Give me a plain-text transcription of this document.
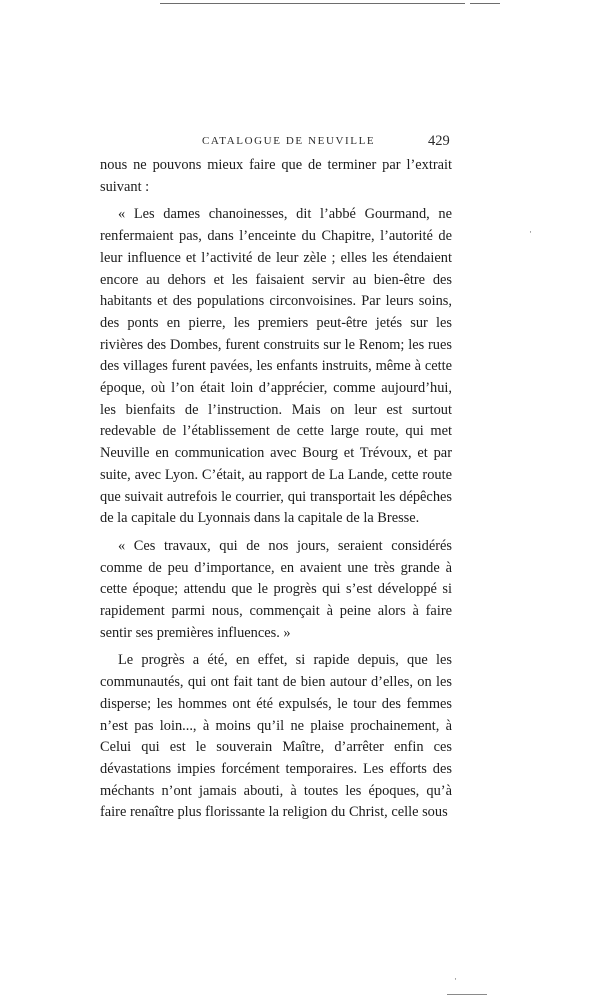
CATALOGUE DE NEUVILLE	429

nous ne pouvons mieux faire que de terminer par l’extrait suivant :

« Les dames chanoinesses, dit l’abbé Gourmand, ne renfermaient pas, dans l’enceinte du Chapitre, l’autorité de leur influence et l’activité de leur zèle ; elles les étendaient encore au dehors et les faisaient servir au bien-être des habitants et des populations circonvoisines. Par leurs soins, des ponts en pierre, les premiers peut-être jetés sur les rivières des Dombes, furent construits sur le Renom; les rues des villages furent pavées, les enfants instruits, même à cette époque, où l’on était loin d’apprécier, comme aujourd’hui, les bienfaits de l’instruction. Mais on leur est surtout redevable de l’établissement de cette large route, qui met Neuville en communication avec Bourg et Trévoux, et par suite, avec Lyon. C’était, au rapport de La Lande, cette route que suivait autrefois le courrier, qui transportait les dépêches de la capitale du Lyonnais dans la capitale de la Bresse.

« Ces travaux, qui de nos jours, seraient considérés comme de peu d’importance, en avaient une très grande à cette époque; attendu que le progrès qui s’est développé si rapidement parmi nous, commençait à peine alors à faire sentir ses premières influences. »

Le progrès a été, en effet, si rapide depuis, que les communautés, qui ont fait tant de bien autour d’elles, on les disperse; les hommes ont été expulsés, le tour des femmes n’est pas loin..., à moins qu’il ne plaise prochainement, à Celui qui est le souverain Maître, d’arrêter enfin ces dévastations impies forcément temporaires. Les efforts des méchants n’ont jamais abouti, à toutes les époques, qu’à faire renaître plus florissante la religion du Christ, celle sous

·
·
